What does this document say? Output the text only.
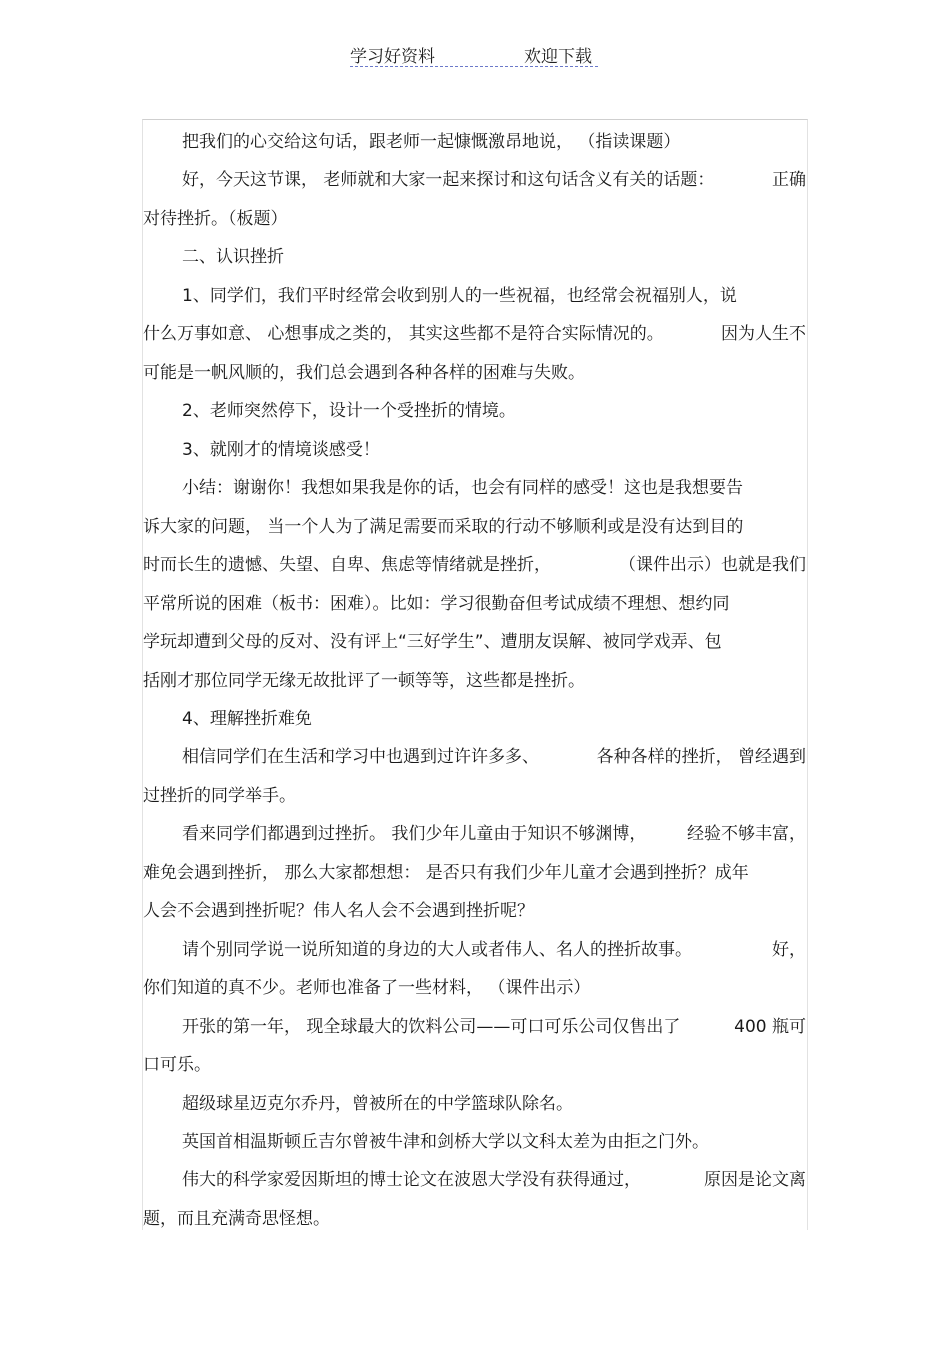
学习好资料	欢迎下载
把我们的心交给这句话，跟老师一起慷慨激昂地说， （指读课题）
好，今天这节课， 老师就和大家一起来探讨和这句话含义有关的话题：	正确
对待挫折。（板题）
二、认识挫折
1、同学们，我们平时经常会收到别人的一些祝福，也经常会祝福别人，说
什么万事如意、 心想事成之类的， 其实这些都不是符合实际情况的。	因为人生不
可能是一帆风顺的，我们总会遇到各种各样的困难与失败。
2、老师突然停下，设计一个受挫折的情境。
3、就刚才的情境谈感受！
小结：谢谢你！我想如果我是你的话，也会有同样的感受！这也是我想要告
诉大家的问题， 当一个人为了满足需要而采取的行动不够顺利或是没有达到目的
时而长生的遗憾、失望、自卑、焦虑等情绪就是挫折，	（课件出示）也就是我们
平常所说的困难（板书：困难）。比如：学习很勤奋但考试成绩不理想、想约同
学玩却遭到父母的反对、没有评上“三好学生”、遭朋友误解、被同学戏弄、包
括刚才那位同学无缘无故批评了一顿等等，这些都是挫折。
4、理解挫折难免
相信同学们在生活和学习中也遇到过许许多多、	各种各样的挫折， 曾经遇到
过挫折的同学举手。
看来同学们都遇到过挫折。 我们少年儿童由于知识不够渊博， 经验不够丰富，
难免会遇到挫折， 那么大家都想想： 是否只有我们少年儿童才会遇到挫折？成年
人会不会遇到挫折呢？伟人名人会不会遇到挫折呢？
请个别同学说一说所知道的身边的大人或者伟人、名人的挫折故事。	好，
你们知道的真不少。老师也准备了一些材料， （课件出示）
开张的第一年， 现全球最大的饮料公司——可口可乐公司仅售出了	400 瓶可
口可乐。
超级球星迈克尔乔丹，曾被所在的中学篮球队除名。
英国首相温斯顿丘吉尔曾被牛津和剑桥大学以文科太差为由拒之门外。
伟大的科学家爱因斯坦的博士论文在波恩大学没有获得通过，	原因是论文离
题，而且充满奇思怪想。
